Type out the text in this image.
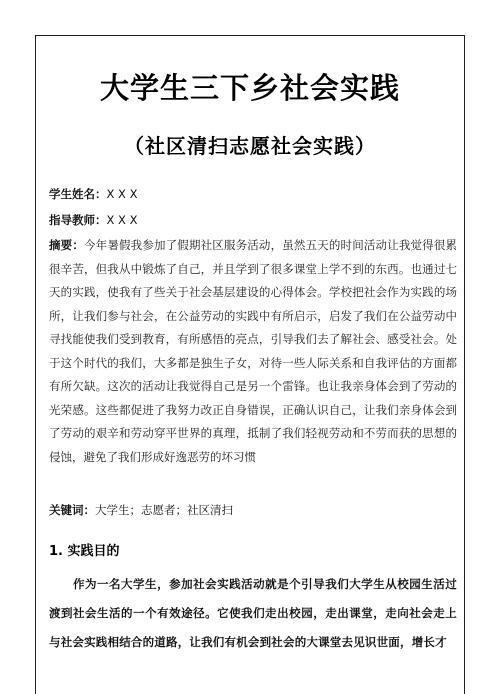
大学生三下乡社会实践
（社区清扫志愿社会实践）
学生姓名：X X X
指导教师：X X X
摘要：今年暑假我参加了假期社区服务活动，虽然五天的时间活动让我觉得很累很辛苦，但我从中锻炼了自己，并且学到了很多课堂上学不到的东西。也通过七天的实践，使我有了些关于社会基层建设的心得体会。学校把社会作为实践的场所，让我们参与社会，在公益劳动的实践中有所启示，启发了我们在公益劳动中寻找能使我们受到教育，有所感悟的亮点，引导我们去了解社会、感受社会。处于这个时代的我们，大多都是独生子女，对待一些人际关系和自我评估的方面都有所欠缺。这次的活动让我觉得自己是另一个雷锋。也让我亲身体会到了劳动的光荣感。这些都促进了我努力改正自身错误，正确认识自己，让我们亲身体会到了劳动的艰辛和劳动穿平世界的真理，抵制了我们轻视劳动和不劳而获的思想的侵蚀，避免了我们形成好逸恶劳的坏习惯
关键词：大学生；志愿者；社区清扫
1. 实践目的
作为一名大学生，参加社会实践活动就是个引导我们大学生从校园生活过渡到社会生活的一个有效途径。它使我们走出校园，走出课堂，走向社会走上与社会实践相结合的道路，让我们有机会到社会的大课堂去见识世面，增长才
